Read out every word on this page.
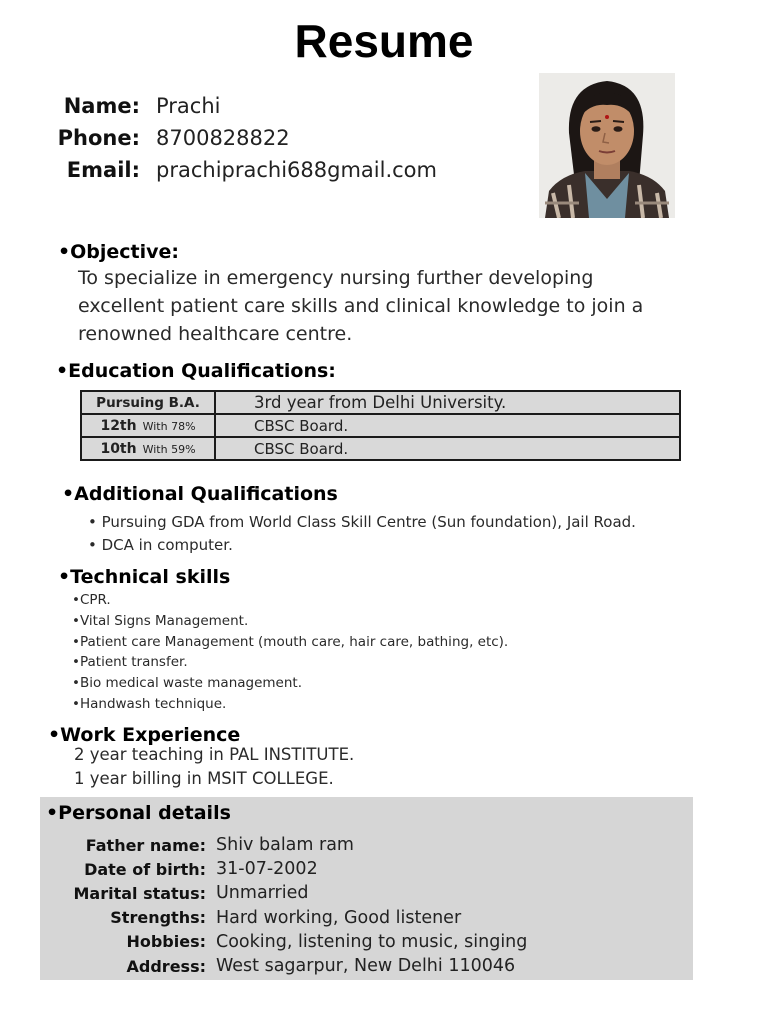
Resume
Name: Prachi
Phone: 8700828822
Email: prachiprachi688gmail.com
•Objective:
To specialize in emergency nursing further developing
excellent patient care skills and clinical knowledge to join a
renowned healthcare centre.
•Education Qualifications:
Pursuing B.A.	3rd year from Delhi University.
12th With 78%	CBSC Board.
10th With 59%	CBSC Board.
•Additional Qualifications
• Pursuing GDA from World Class Skill Centre (Sun foundation), Jail Road.
• DCA in computer.
•Technical skills
•CPR.
•Vital Signs Management.
•Patient care Management (mouth care, hair care, bathing, etc).
•Patient transfer.
•Bio medical waste management.
•Handwash technique.
•Work Experience
2 year teaching in PAL INSTITUTE.
1 year billing in MSIT COLLEGE.
•Personal details
Father name: Shiv balam ram
Date of birth: 31-07-2002
Marital status: Unmarried
Strengths: Hard working, Good listener
Hobbies: Cooking, listening to music, singing
Address: West sagarpur, New Delhi 110046
